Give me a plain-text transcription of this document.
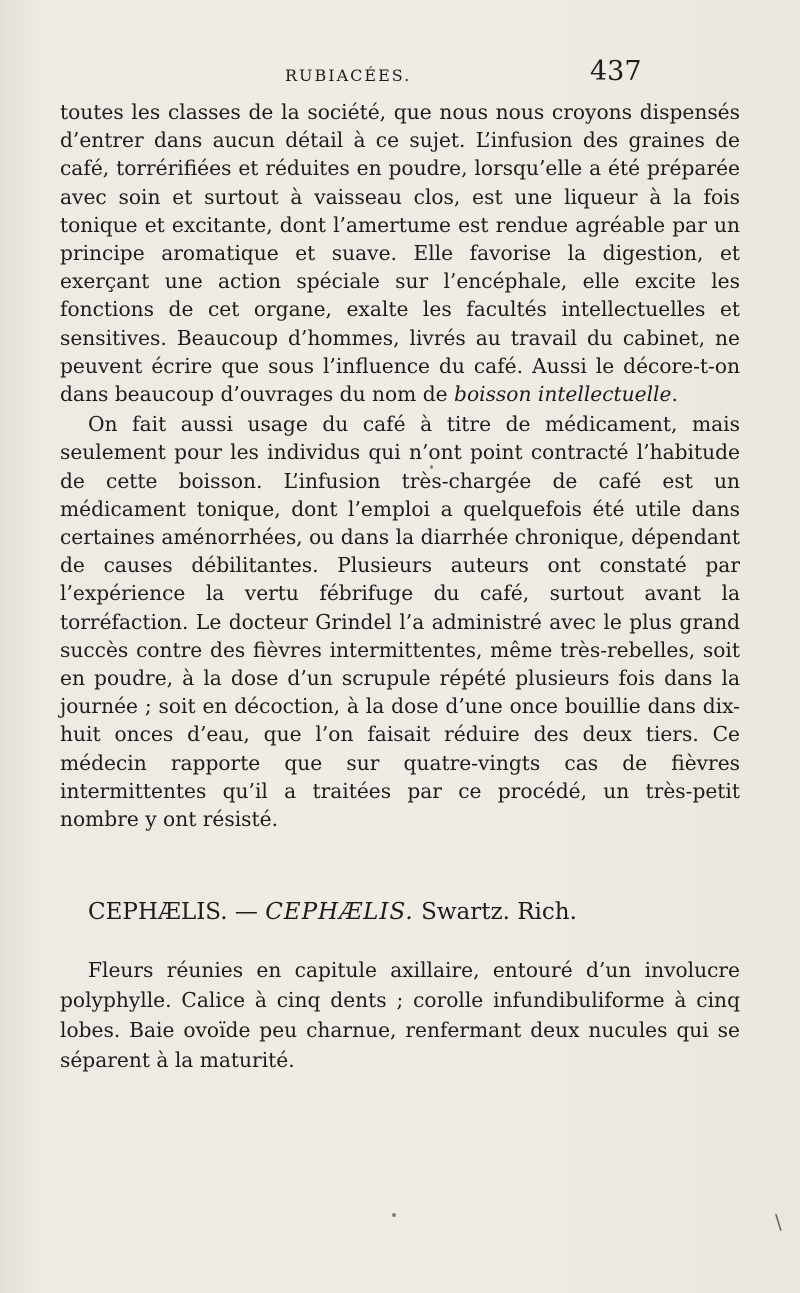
RUBIACÉES.	437

toutes les classes de la société, que nous nous croyons dispensés d’entrer dans aucun détail à ce sujet. L’infusion des graines de café, torrérifiées et réduites en poudre, lorsqu’elle a été préparée avec soin et surtout à vaisseau clos, est une liqueur à la fois tonique et excitante, dont l’amertume est rendue agréable par un principe aromatique et suave. Elle favorise la digestion, et exerçant une action spéciale sur l’encéphale, elle excite les fonctions de cet organe, exalte les facultés intellectuelles et sensitives. Beaucoup d’hommes, livrés au travail du cabinet, ne peuvent écrire que sous l’influence du café. Aussi le décore-t-on dans beaucoup d’ouvrages du nom de boisson intellectuelle.

On fait aussi usage du café à titre de médicament, mais seulement pour les individus qui n’ont point contracté l’habitude de cette boisson. L’infusion très-chargée de café est un médicament tonique, dont l’emploi a quelquefois été utile dans certaines aménorrhées, ou dans la diarrhée chronique, dépendant de causes débilitantes. Plusieurs auteurs ont constaté par l’expérience la vertu fébrifuge du café, surtout avant la torréfaction. Le docteur Grindel l’a administré avec le plus grand succès contre des fièvres intermittentes, même très-rebelles, soit en poudre, à la dose d’un scrupule répété plusieurs fois dans la journée ; soit en décoction, à la dose d’une once bouillie dans dix-huit onces d’eau, que l’on faisait réduire des deux tiers. Ce médecin rapporte que sur quatre-vingts cas de fièvres intermittentes qu’il a traitées par ce procédé, un très-petit nombre y ont résisté.

CEPHÆLIS. — CEPHÆLIS. Swartz. Rich.

Fleurs réunies en capitule axillaire, entouré d’un involucre polyphylle. Calice à cinq dents ; corolle infundibuliforme à cinq lobes. Baie ovoïde peu charnue, renfermant deux nucules qui se séparent à la maturité.

\
